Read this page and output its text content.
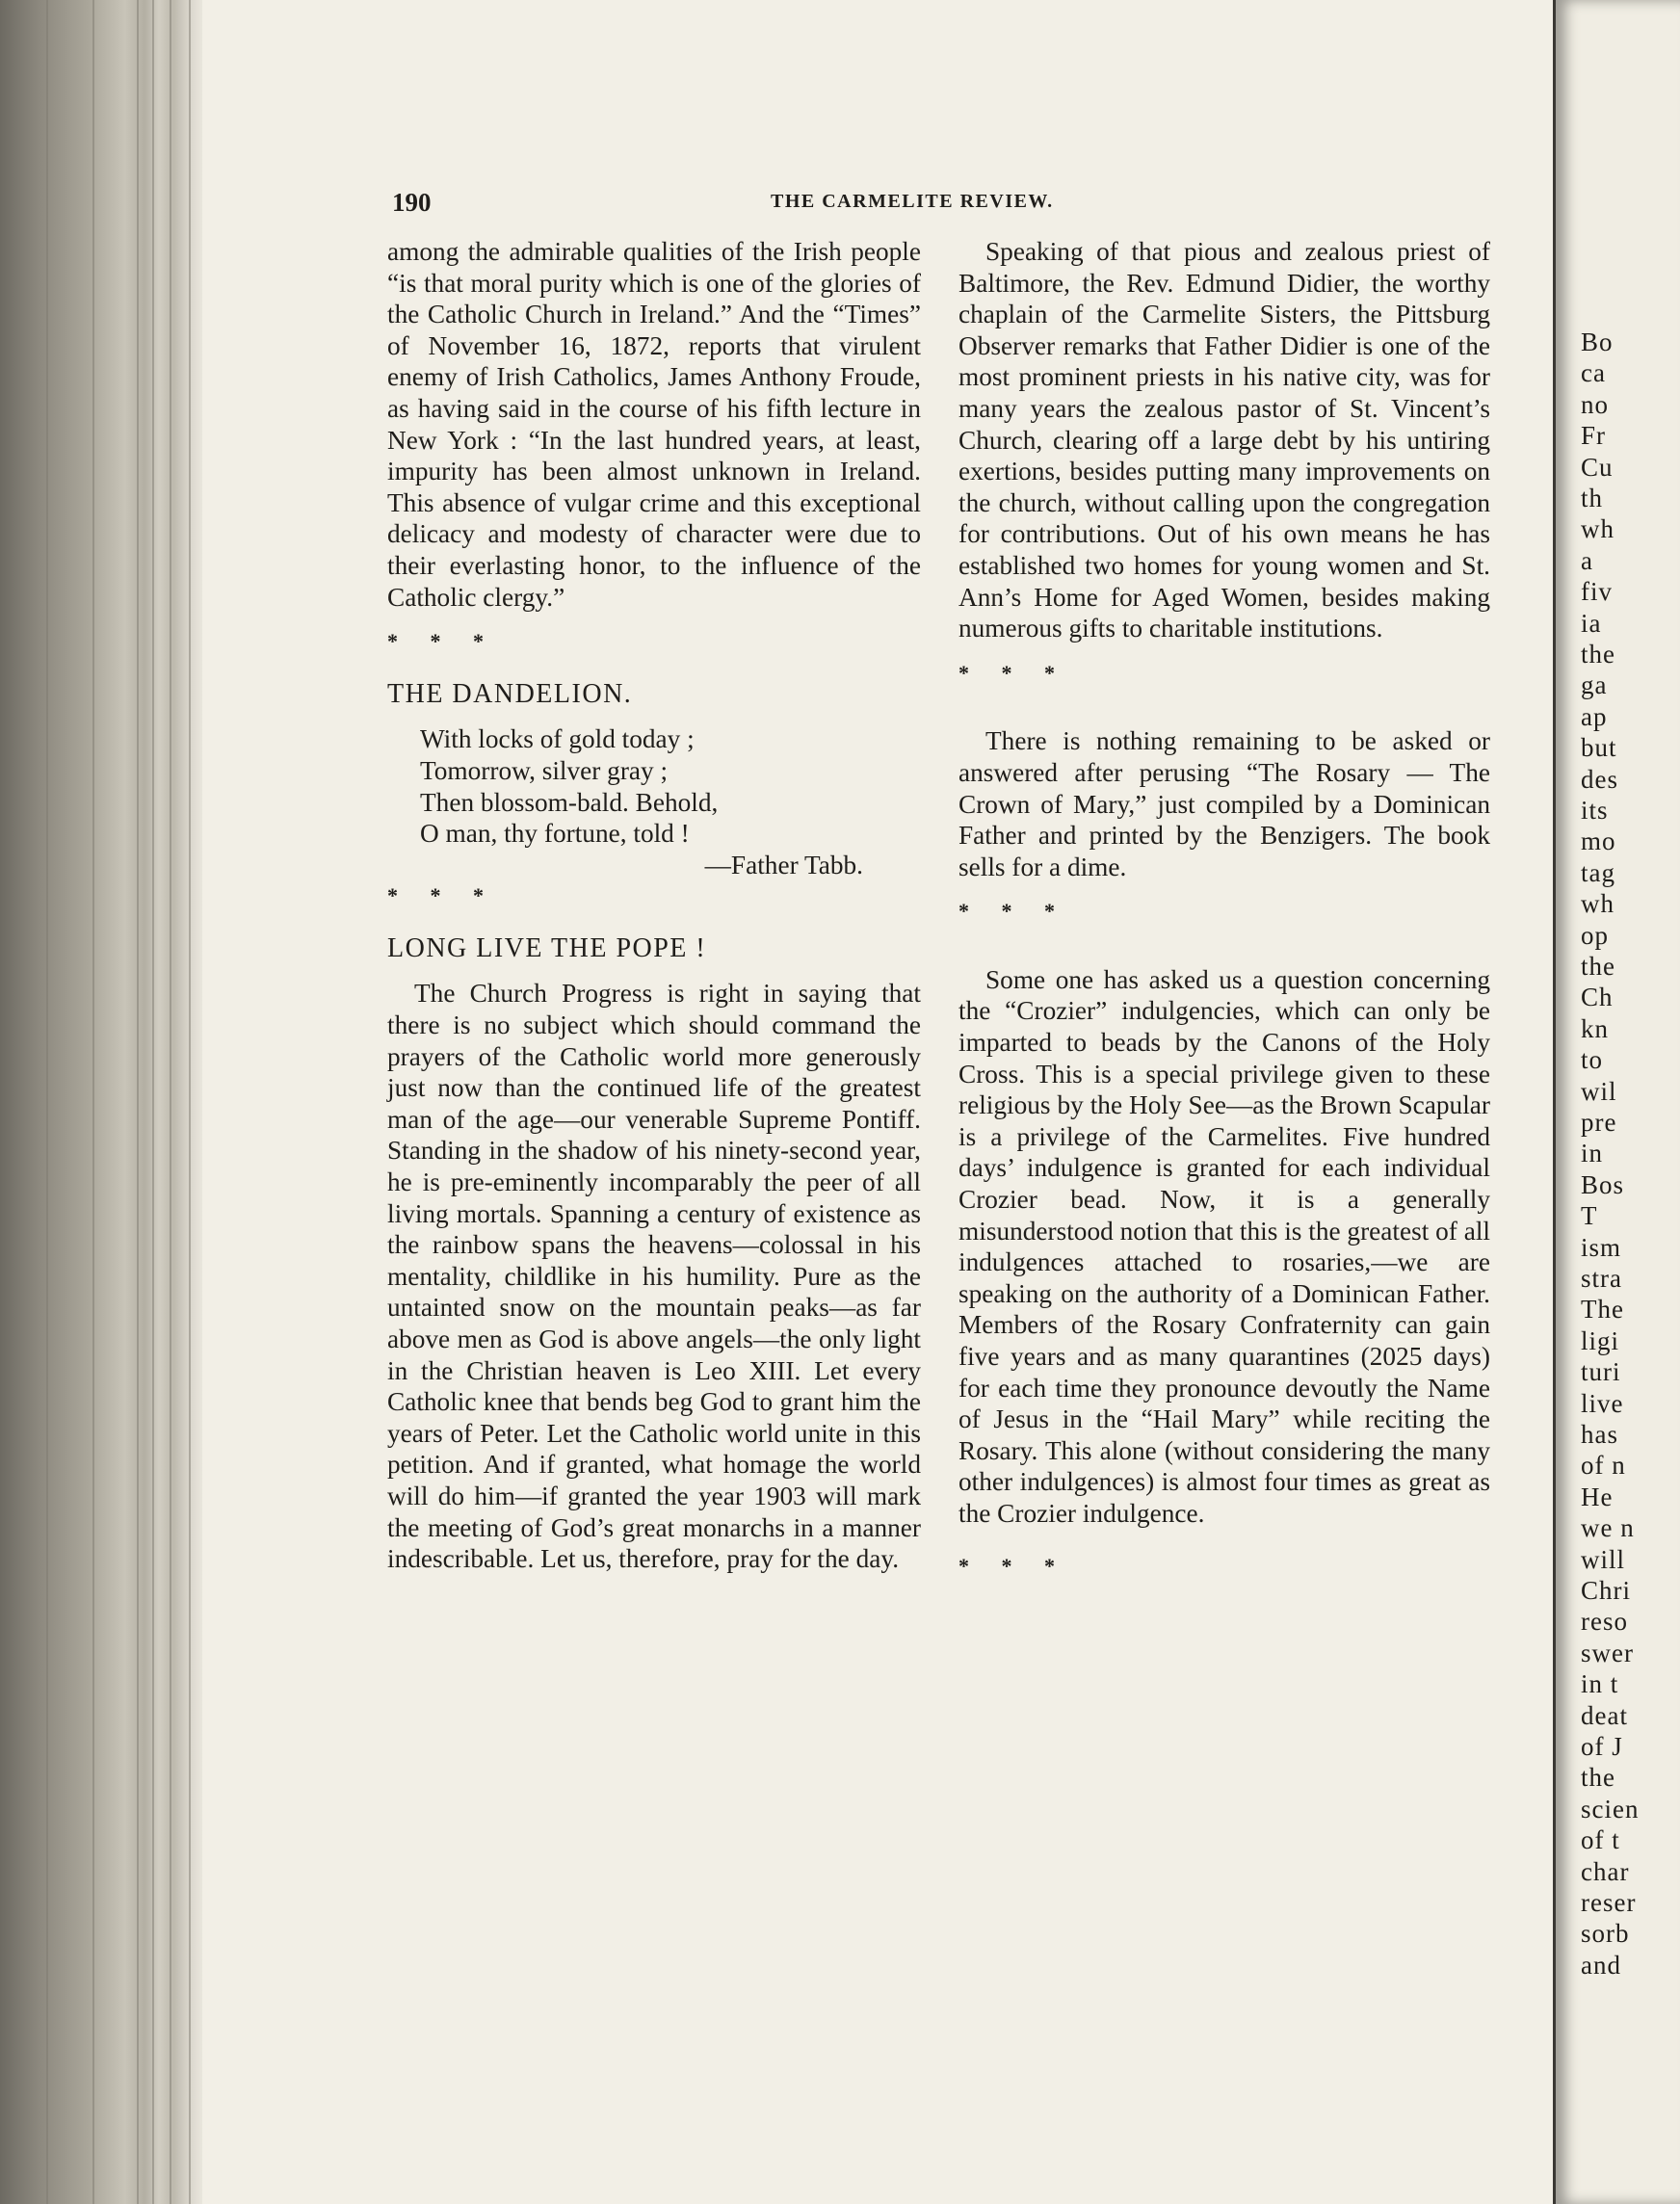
190	THE CARMELITE REVIEW.

among the admirable qualities of the Irish people “is that moral purity which is one of the glories of the Catholic Church in Ireland.” And the “Times” of November 16, 1872, reports that virulent enemy of Irish Catholics, James Anthony Froude, as having said in the course of his fifth lecture in New York : “In the last hundred years, at least, impurity has been almost unknown in Ireland. This absence of vulgar crime and this exceptional delicacy and modesty of character were due to their everlasting honor, to the influence of the Catholic clergy.”

* * *

THE DANDELION.

With locks of gold today ;
Tomorrow, silver gray ;
Then blossom-bald. Behold,
O man, thy fortune, told !
—Father Tabb.

* * *

LONG LIVE THE POPE !

The Church Progress is right in saying that there is no subject which should command the prayers of the Catholic world more generously just now than the continued life of the greatest man of the age—our venerable Supreme Pontiff. Standing in the shadow of his ninety-second year, he is pre-eminently incomparably the peer of all living mortals. Spanning a century of existence as the rainbow spans the heavens—colossal in his mentality, childlike in his humility. Pure as the untainted snow on the mountain peaks—as far above men as God is above angels—the only light in the Christian heaven is Leo XIII. Let every Catholic knee that bends beg God to grant him the years of Peter. Let the Catholic world unite in this petition. And if granted, what homage the world will do him—if granted the year 1903 will mark the meeting of God’s great monarchs in a manner indescribable. Let us, therefore, pray for the day.

Speaking of that pious and zealous priest of Baltimore, the Rev. Edmund Didier, the worthy chaplain of the Carmelite Sisters, the Pittsburg Observer remarks that Father Didier is one of the most prominent priests in his native city, was for many years the zealous pastor of St. Vincent’s Church, clearing off a large debt by his untiring exertions, besides putting many improvements on the church, without calling upon the congregation for contributions. Out of his own means he has established two homes for young women and St. Ann’s Home for Aged Women, besides making numerous gifts to charitable institutions.

* * *

There is nothing remaining to be asked or answered after perusing “The Rosary — The Crown of Mary,” just compiled by a Dominican Father and printed by the Benzigers. The book sells for a dime.

* * *

Some one has asked us a question concerning the “Crozier” indulgencies, which can only be imparted to beads by the Canons of the Holy Cross. This is a special privilege given to these religious by the Holy See—as the Brown Scapular is a privilege of the Carmelites. Five hundred days’ indulgence is granted for each individual Crozier bead. Now, it is a generally misunderstood notion that this is the greatest of all indulgences attached to rosaries,—we are speaking on the authority of a Dominican Father. Members of the Rosary Confraternity can gain five years and as many quarantines (2025 days) for each time they pronounce devoutly the Name of Jesus in the “Hail Mary” while reciting the Rosary. This alone (without considering the many other indulgences) is almost four times as great as the Crozier indulgence.

* * *

Bo
ca
no
Fr
Cu
th
wh
a
fiv
ia
the
ga
ap
but
des
its
mo
tag
wh
op
the
Ch
kn
to
wil
pre
in
Bos
T
ism
stra
The
ligi
turi
live
has
of n
He
we n
will
Chri
reso
swer
in t
deat
of J
the
scien
of t
char
reser
sorb
and
